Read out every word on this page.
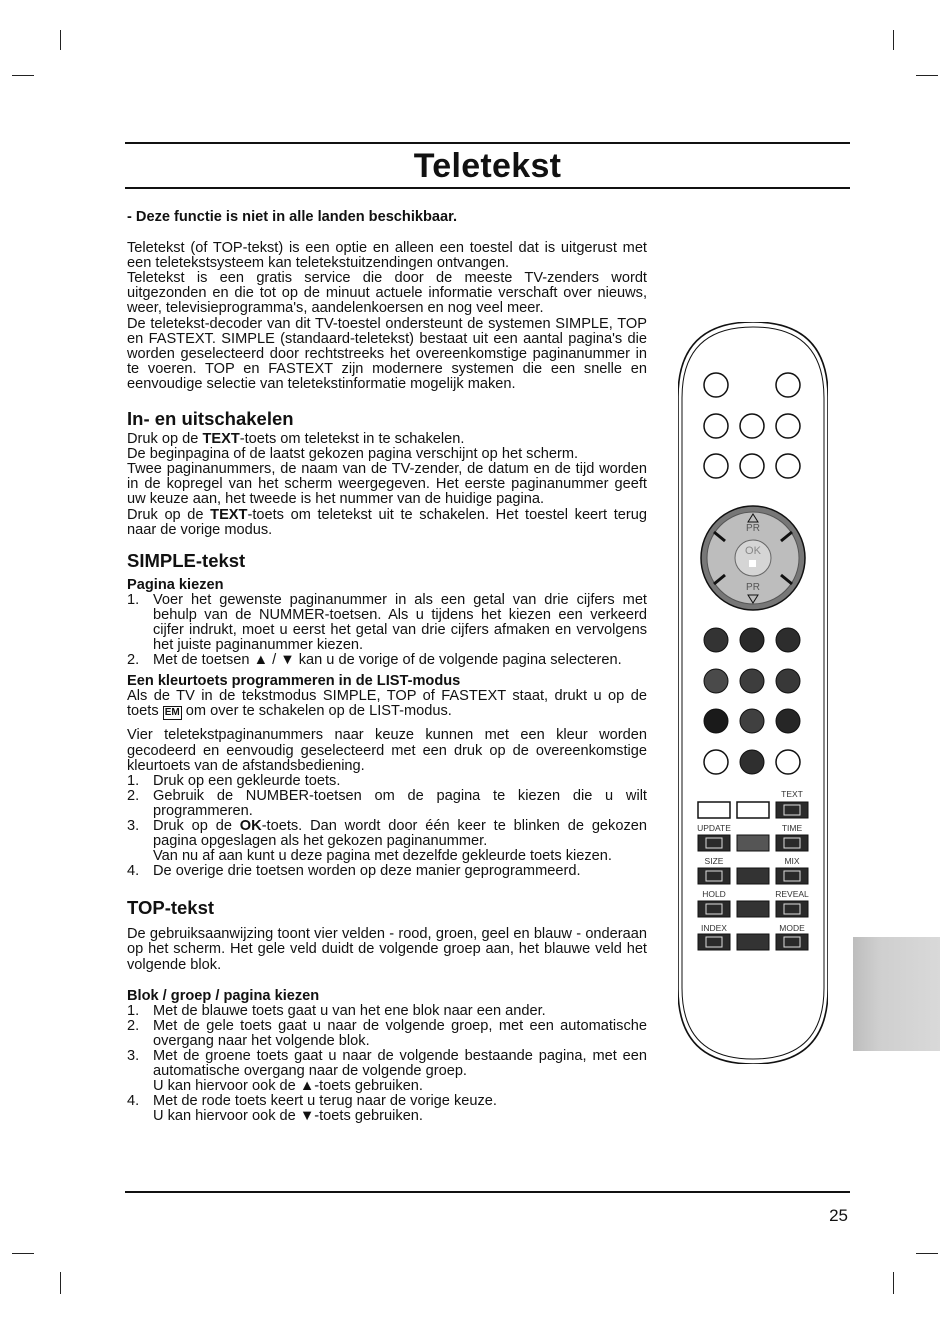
Teletekst

- Deze functie is niet in alle landen beschikbaar.

Teletekst (of TOP-tekst) is een optie en alleen een toestel dat is uitgerust met een teletekstsysteem kan teletekstuitzendingen ontvangen.

Teletekst is een gratis service die door de meeste TV-zenders wordt uitgezonden en die tot op de minuut actuele informatie verschaft over nieuws, weer, televisieprogramma's, aandelenkoersen en nog veel meer.

De teletekst-decoder van dit TV-toestel ondersteunt de systemen SIMPLE, TOP en FASTEXT. SIMPLE (standaard-teletekst) bestaat uit een aantal pagina's die worden geselecteerd door rechtstreeks het overeenkomstige paginanummer in te voeren. TOP en FASTEXT zijn modernere systemen die een snelle en eenvoudige selectie van teletekstinformatie mogelijk maken.

In- en uitschakelen

Druk op de TEXT-toets om teletekst in te schakelen.

De beginpagina of de laatst gekozen pagina verschijnt op het scherm.

Twee paginanummers, de naam van de TV-zender, de datum en de tijd worden in de kopregel van het scherm weergegeven. Het eerste paginanummer geeft uw keuze aan, het tweede is het nummer van de huidige pagina.

Druk op de TEXT-toets om teletekst uit te schakelen. Het toestel keert terug naar de vorige modus.

SIMPLE-tekst
Pagina kiezen
1. Voer het gewenste paginanummer in als een getal van drie cijfers met behulp van de NUMMER-toetsen. Als u tijdens het kiezen een verkeerd cijfer indrukt, moet u eerst het getal van drie cijfers afmaken en vervolgens het juiste paginanummer kiezen.
2. Met de toetsen ▲ / ▼ kan u de vorige of de volgende pagina selecteren.
Een kleurtoets programmeren in de LIST-modus

Als de TV in de tekstmodus SIMPLE, TOP of FASTEXT staat, drukt u op de toets EM om over te schakelen op de LIST-modus.

Vier teletekstpaginanummers naar keuze kunnen met een kleur worden gecodeerd en eenvoudig geselecteerd met een druk op de overeenkomstige kleurtoets van de afstandsbediening.

1. Druk op een gekleurde toets.
2. Gebruik de NUMBER-toetsen om de pagina te kiezen die u wilt programmeren.
3. Druk op de OK-toets. Dan wordt door één keer te blinken de gekozen pagina opgeslagen als het gekozen paginanummer.
Van nu af aan kunt u deze pagina met dezelfde gekleurde toets kiezen.
4. De overige drie toetsen worden op deze manier geprogrammeerd.
TOP-tekst

De gebruiksaanwijzing toont vier velden - rood, groen, geel en blauw - onderaan op het scherm. Het gele veld duidt de volgende groep aan, het blauwe veld het volgende blok.

Blok / groep / pagina kiezen
1. Met de blauwe toets gaat u van het ene blok naar een ander.
2. Met de gele toets gaat u naar de volgende groep, met een automatische overgang naar het volgende blok.
3. Met de groene toets gaat u naar de volgende bestaande pagina, met een automatische overgang naar de volgende groep.
U kan hiervoor ook de ▲-toets gebruiken.
4. Met de rode toets keert u terug naar de vorige keuze.
U kan hiervoor ook de ▼-toets gebruiken.
PR
PR
OK
TEXT
UPDATE	TIME
SIZE	MIX
HOLD	REVEAL
INDEX	MODE
25
